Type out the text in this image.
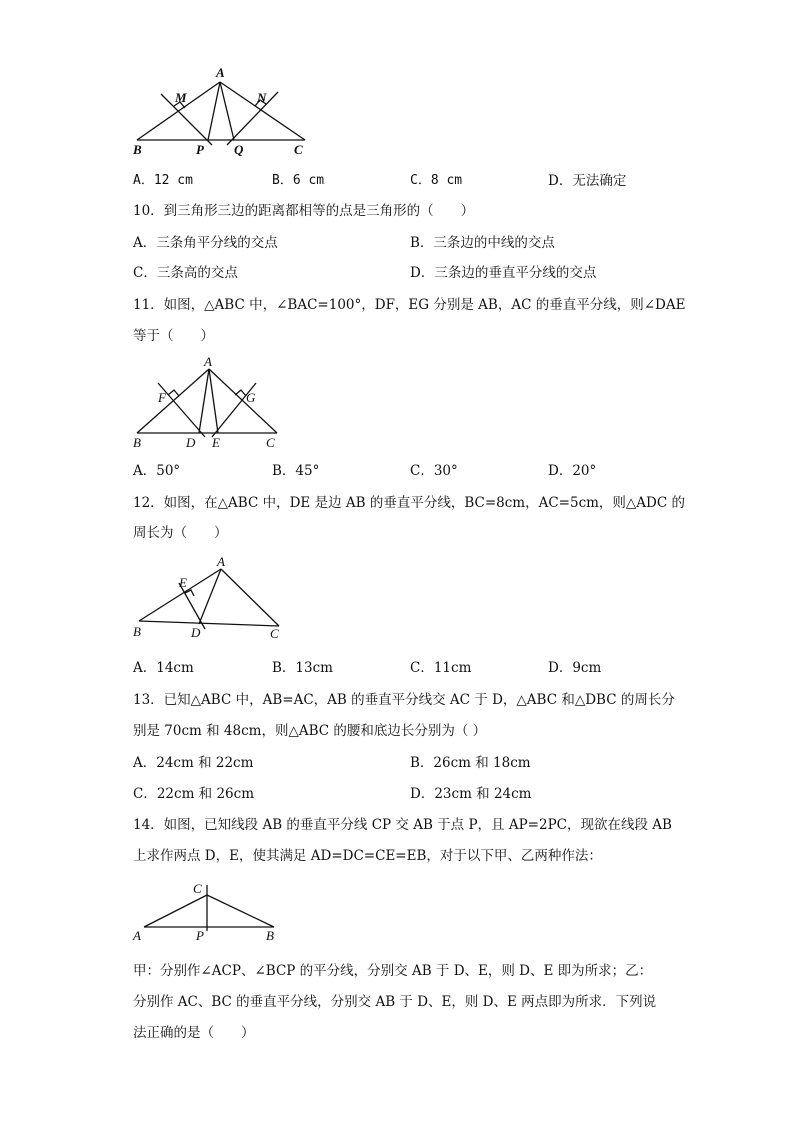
A
M	N
B	P Q	C
A．12 cm	B．6 cm	C．8 cm	D．无法确定
10．到三角形三边的距离都相等的点是三角形的（　　）
A．三条角平分线的交点	B．三条边的中线的交点
C．三条高的交点	D．三条边的垂直平分线的交点
11．如图，△ABC 中，∠BAC=100°，DF，EG 分别是 AB，AC 的垂直平分线，则∠DAE
等于（　　）
A
F	G
B	D E	C
A．50°	B．45°	C．30°	D．20°
12．如图，在△ABC 中，DE 是边 AB 的垂直平分线，BC=8cm，AC=5cm，则△ADC 的
周长为（　　）
A
E
B	D	C
A．14cm	B．13cm	C．11cm	D．9cm
13．已知△ABC 中，AB=AC，AB 的垂直平分线交 AC 于 D，△ABC 和△DBC 的周长分
别是 70cm 和 48cm，则△ABC 的腰和底边长分别为（ ）
A．24cm 和 22cm	B．26cm 和 18cm
C．22cm 和 26cm	D．23cm 和 24cm
14．如图，已知线段 AB 的垂直平分线 CP 交 AB 于点 P，且 AP=2PC，现欲在线段 AB
上求作两点 D，E，使其满足 AD=DC=CE=EB，对于以下甲、乙两种作法：
C
A	P	B
甲：分别作∠ACP、∠BCP 的平分线，分别交 AB 于 D、E，则 D、E 即为所求；乙：
分别作 AC、BC 的垂直平分线，分别交 AB 于 D、E，则 D、E 两点即为所求．下列说
法正确的是（　　）
